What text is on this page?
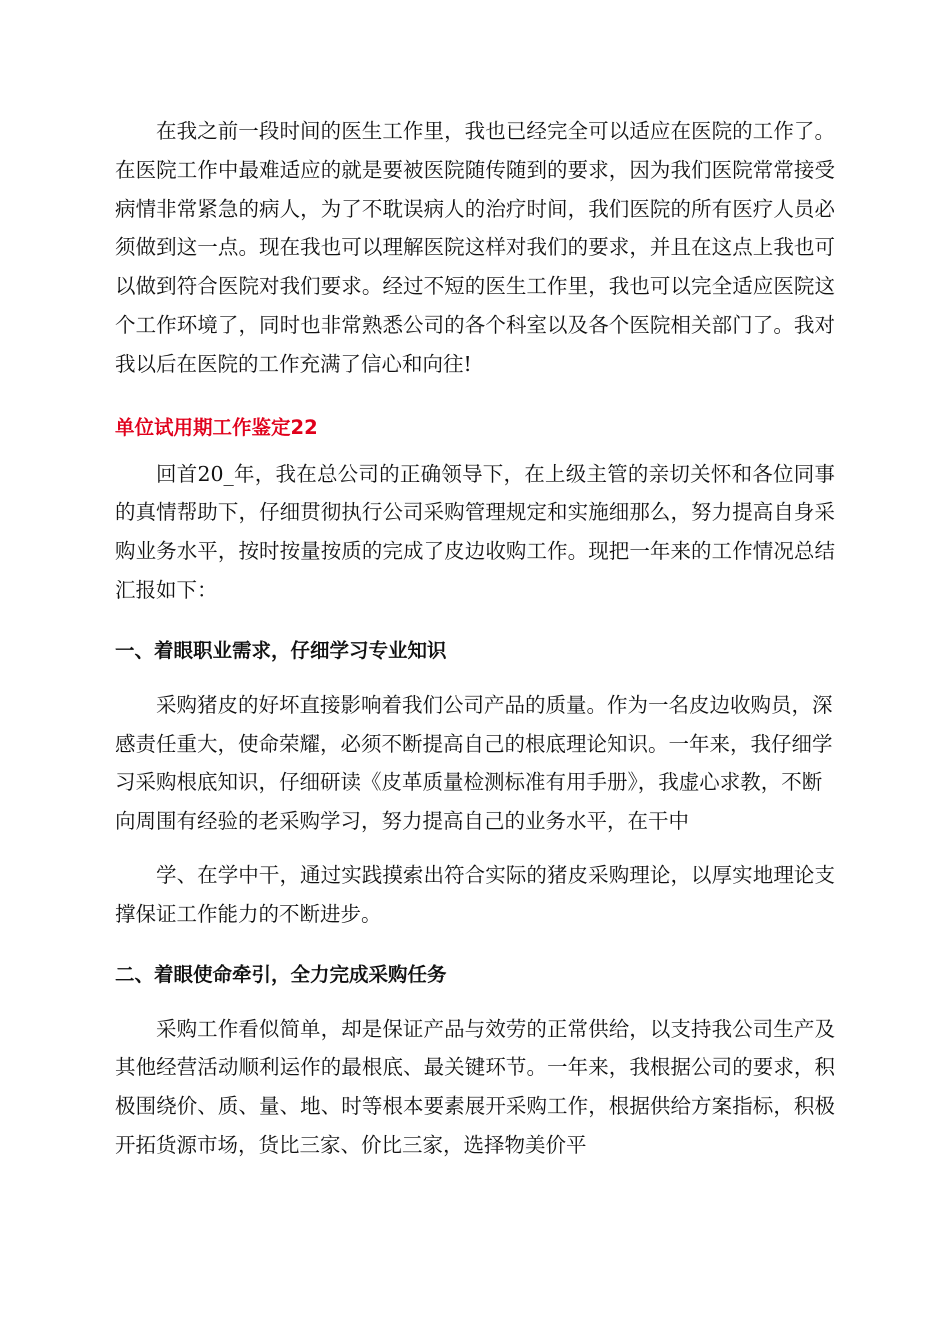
在我之前一段时间的医生工作里，我也已经完全可以适应在医院的工作了。在医院工作中最难适应的就是要被医院随传随到的要求，因为我们医院常常接受病情非常紧急的病人，为了不耽误病人的治疗时间，我们医院的所有医疗人员必须做到这一点。现在我也可以理解医院这样对我们的要求，并且在这点上我也可以做到符合医院对我们要求。经过不短的医生工作里，我也可以完全适应医院这个工作环境了，同时也非常熟悉公司的各个科室以及各个医院相关部门了。我对我以后在医院的工作充满了信心和向往!

单位试用期工作鉴定22

回首20_年，我在总公司的正确领导下，在上级主管的亲切关怀和各位同事的真情帮助下，仔细贯彻执行公司采购管理规定和实施细那么，努力提高自身采购业务水平，按时按量按质的完成了皮边收购工作。现把一年来的工作情况总结汇报如下：

一、着眼职业需求，仔细学习专业知识

采购猪皮的好坏直接影响着我们公司产品的质量。作为一名皮边收购员，深感责任重大，使命荣耀，必须不断提高自己的根底理论知识。一年来，我仔细学习采购根底知识，仔细研读《皮革质量检测标准有用手册》，我虚心求教，不断向周围有经验的老采购学习，努力提高自己的业务水平，在干中

学、在学中干，通过实践摸索出符合实际的猪皮采购理论，以厚实地理论支撑保证工作能力的不断进步。

二、着眼使命牵引，全力完成采购任务

采购工作看似简单，却是保证产品与效劳的正常供给，以支持我公司生产及其他经营活动顺利运作的最根底、最关键环节。一年来，我根据公司的要求，积极围绕价、质、量、地、时等根本要素展开采购工作，根据供给方案指标，积极开拓货源市场，货比三家、价比三家，选择物美价平
